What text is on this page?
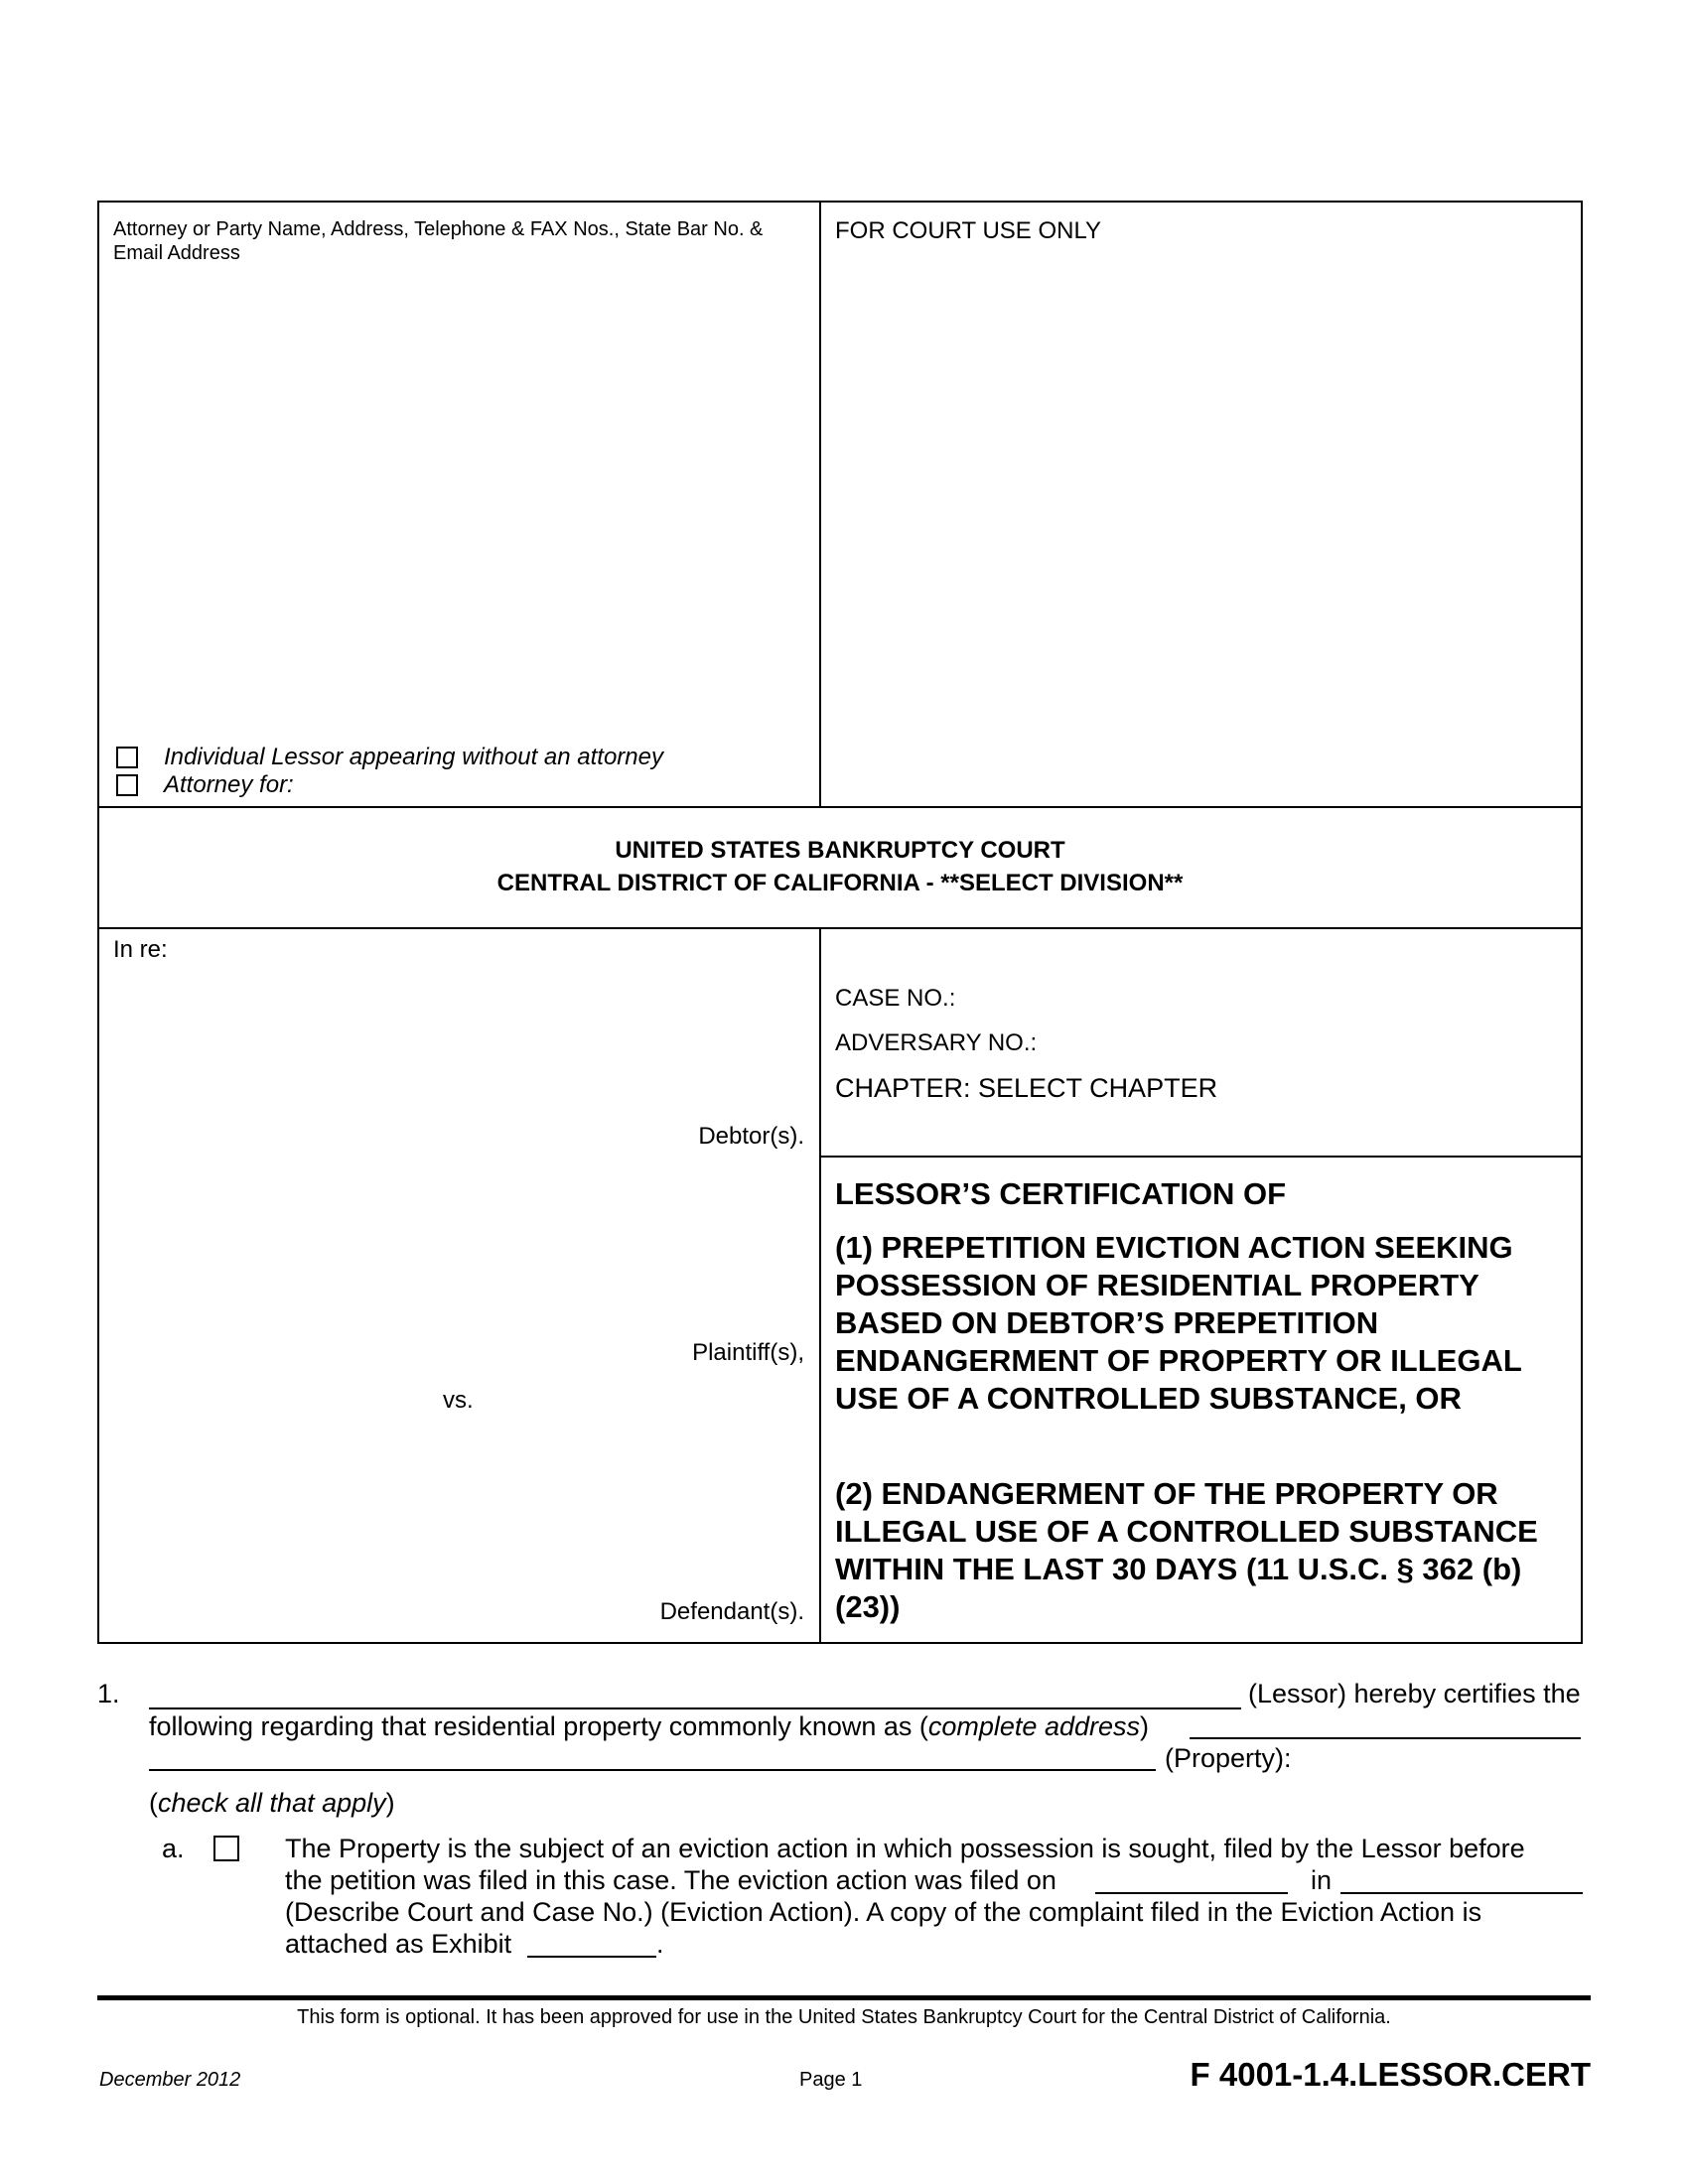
Attorney or Party Name, Address, Telephone & FAX Nos., State Bar No. & Email Address
FOR COURT USE ONLY
Individual Lessor appearing without an attorney
Attorney for:
UNITED STATES BANKRUPTCY COURT
CENTRAL DISTRICT OF CALIFORNIA - **SELECT DIVISION**
In re:
Debtor(s).
Plaintiff(s),
vs.
Defendant(s).
CASE NO.:
ADVERSARY NO.:
CHAPTER: SELECT CHAPTER
LESSOR’S CERTIFICATION OF
(1) PREPETITION EVICTION ACTION SEEKING POSSESSION OF RESIDENTIAL PROPERTY BASED ON DEBTOR’S PREPETITION ENDANGERMENT OF PROPERTY OR ILLEGAL USE OF A CONTROLLED SUBSTANCE, OR
(2) ENDANGERMENT OF THE PROPERTY OR ILLEGAL USE OF A CONTROLLED SUBSTANCE WITHIN THE LAST 30 DAYS (11 U.S.C. § 362 (b)(23))
1.	(Lessor) hereby certifies the
following regarding that residential property commonly known as (complete address)
(Property):
(check all that apply)
a.	The Property is the subject of an eviction action in which possession is sought, filed by the Lessor before
the petition was filed in this case. The eviction action was filed on	in
(Describe Court and Case No.) (Eviction Action). A copy of the complaint filed in the Eviction Action is
attached as Exhibit	.
This form is optional. It has been approved for use in the United States Bankruptcy Court for the Central District of California.
December 2012	Page 1	F 4001-1.4.LESSOR.CERT
